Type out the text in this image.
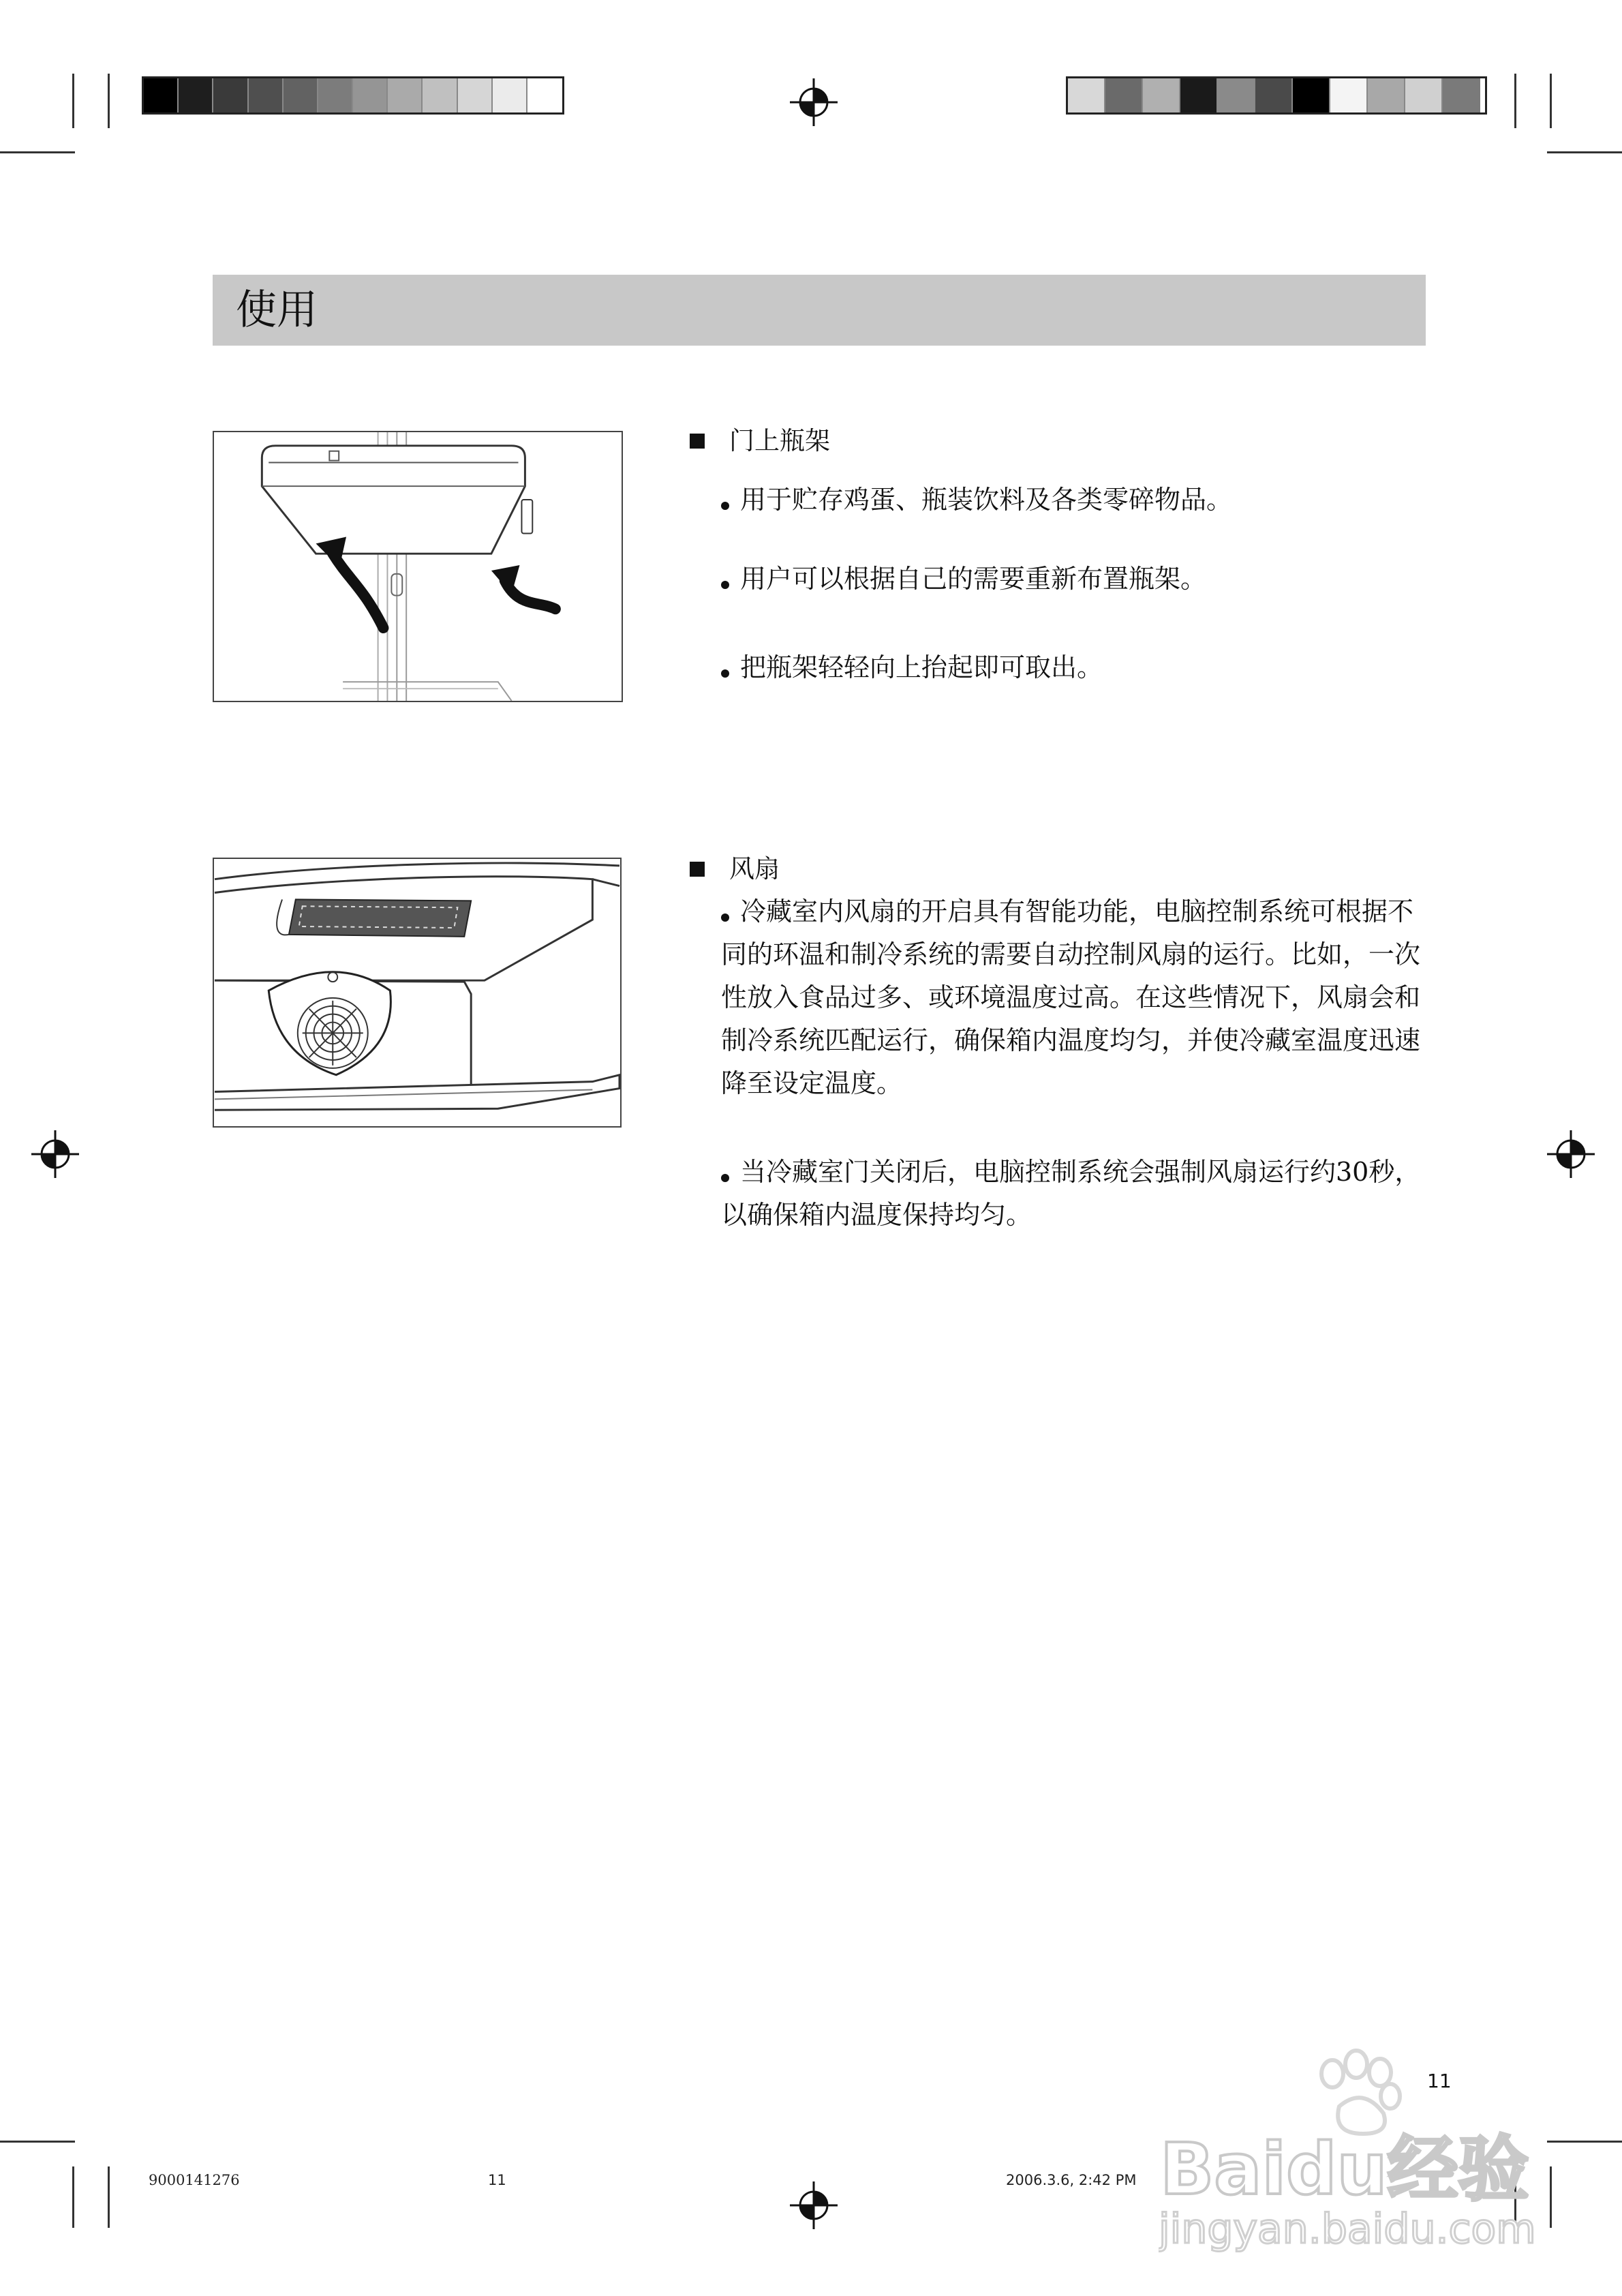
使用
门上瓶架
用于贮存鸡蛋、瓶装饮料及各类零碎物品。
用户可以根据自己的需要重新布置瓶架。
把瓶架轻轻向上抬起即可取出。
风扇
冷藏室内风扇的开启具有智能功能，电脑控制系统可根据不同的环温和制冷系统的需要自动控制风扇的运行。比如，一次性放入食品过多、或环境温度过高。在这些情况下，风扇会和制冷系统匹配运行，确保箱内温度均匀，并使冷藏室温度迅速降至设定温度。
当冷藏室门关闭后，电脑控制系统会强制风扇运行约30秒，以确保箱内温度保持均匀。
11
9000141276	11	2006.3.6, 2:42 PM Baidu经验
jingyan.baidu.com
